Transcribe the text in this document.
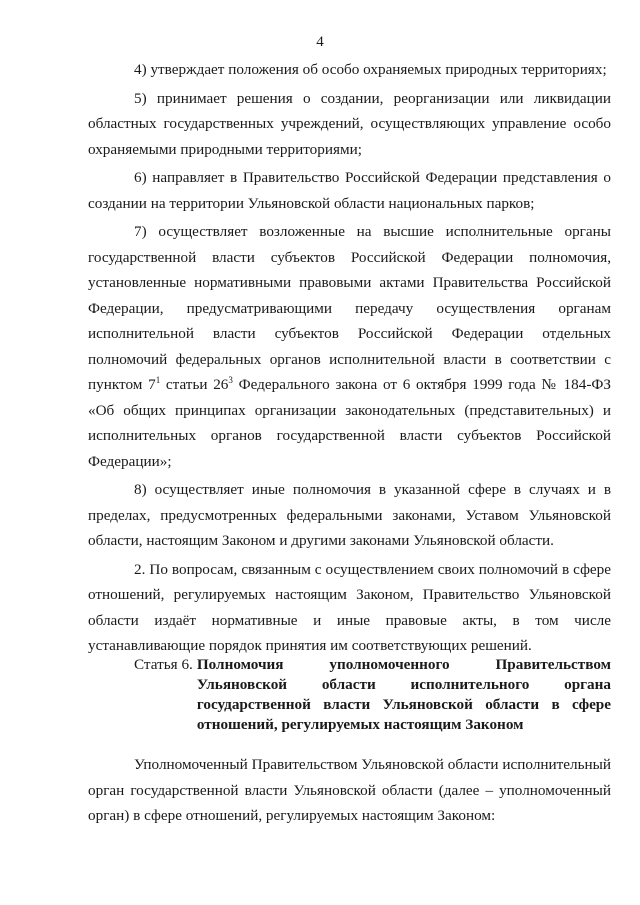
4

4) утверждает положения об особо охраняемых природных территориях;

5) принимает решения о создании, реорганизации или ликвидации областных государственных учреждений, осуществляющих управление особо охраняемыми природными территориями;

6) направляет в Правительство Российской Федерации представления о создании на территории Ульяновской области национальных парков;

7) осуществляет возложенные на высшие исполнительные органы государственной власти субъектов Российской Федерации полномочия, установленные нормативными правовыми актами Правительства Российской Федерации, предусматривающими передачу осуществления органам исполнительной власти субъектов Российской Федерации отдельных полномочий федеральных органов исполнительной власти в соответствии с пунктом $7^1$ статьи $26^3$ Федерального закона от 6 октября 1999 года № 184-ФЗ «Об общих принципах организации законодательных (представительных) и исполнительных органов государственной власти субъектов Российской Федерации»;

8) осуществляет иные полномочия в указанной сфере в случаях и в пределах, предусмотренных федеральными законами, Уставом Ульяновской области, настоящим Законом и другими законами Ульяновской области.

2. По вопросам, связанным с осуществлением своих полномочий в сфере отношений, регулируемых настоящим Законом, Правительство Ульяновской области издаёт нормативные и иные правовые акты, в том числе устанавливающие порядок принятия им соответствующих решений.

Статья 6. Полномочия уполномоченного Правительством Ульяновской области исполнительного органа государственной власти Ульяновской области в сфере отношений, регулируемых настоящим Законом

Уполномоченный Правительством Ульяновской области исполнительный орган государственной власти Ульяновской области (далее – уполномоченный орган) в сфере отношений, регулируемых настоящим Законом:
